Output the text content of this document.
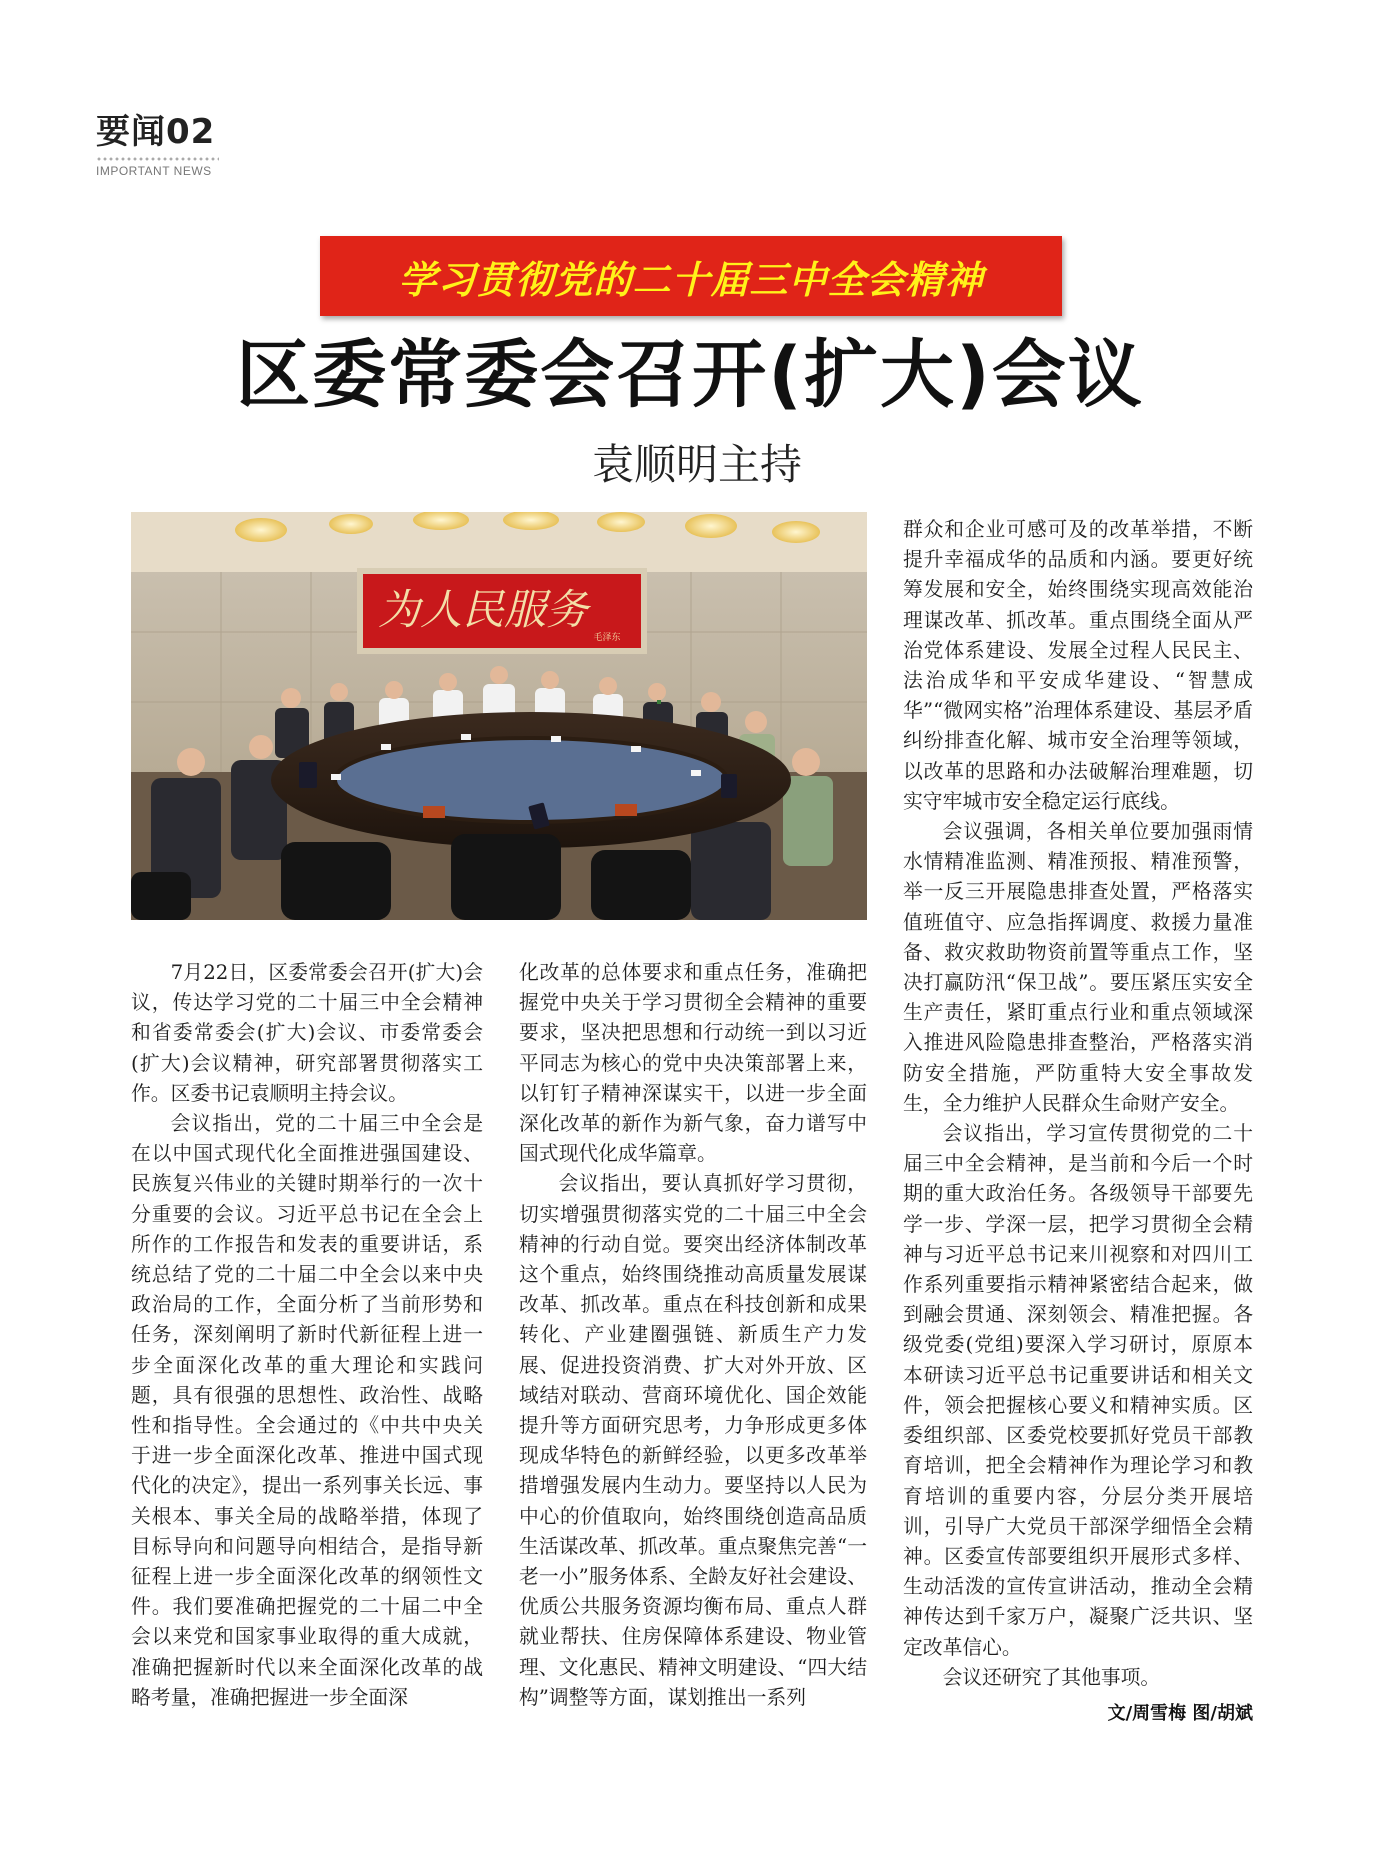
要闻02
IMPORTANT NEWS
学习贯彻党的二十届三中全会精神
区委常委会召开(扩大)会议
袁顺明主持
为人民服务
毛泽东

7月22日，区委常委会召开(扩大)会议，传达学习党的二十届三中全会精神和省委常委会(扩大)会议、市委常委会(扩大)会议精神，研究部署贯彻落实工作。区委书记袁顺明主持会议。

会议指出，党的二十届三中全会是在以中国式现代化全面推进强国建设、民族复兴伟业的关键时期举行的一次十分重要的会议。习近平总书记在全会上所作的工作报告和发表的重要讲话，系统总结了党的二十届二中全会以来中央政治局的工作，全面分析了当前形势和任务，深刻阐明了新时代新征程上进一步全面深化改革的重大理论和实践问题，具有很强的思想性、政治性、战略性和指导性。全会通过的《中共中央关于进一步全面深化改革、推进中国式现代化的决定》，提出一系列事关长远、事关根本、事关全局的战略举措，体现了目标导向和问题导向相结合，是指导新征程上进一步全面深化改革的纲领性文件。我们要准确把握党的二十届二中全会以来党和国家事业取得的重大成就，准确把握新时代以来全面深化改革的战略考量，准确把握进一步全面深

化改革的总体要求和重点任务，准确把握党中央关于学习贯彻全会精神的重要要求，坚决把思想和行动统一到以习近平同志为核心的党中央决策部署上来，以钉钉子精神深谋实干，以进一步全面深化改革的新作为新气象，奋力谱写中国式现代化成华篇章。

会议指出，要认真抓好学习贯彻，切实增强贯彻落实党的二十届三中全会精神的行动自觉。要突出经济体制改革这个重点，始终围绕推动高质量发展谋改革、抓改革。重点在科技创新和成果转化、产业建圈强链、新质生产力发展、促进投资消费、扩大对外开放、区域结对联动、营商环境优化、国企效能提升等方面研究思考，力争形成更多体现成华特色的新鲜经验，以更多改革举措增强发展内生动力。要坚持以人民为中心的价值取向，始终围绕创造高品质生活谋改革、抓改革。重点聚焦完善“一老一小”服务体系、全龄友好社会建设、优质公共服务资源均衡布局、重点人群就业帮扶、住房保障体系建设、物业管理、文化惠民、精神文明建设、“四大结构”调整等方面，谋划推出一系列

群众和企业可感可及的改革举措，不断提升幸福成华的品质和内涵。要更好统筹发展和安全，始终围绕实现高效能治理谋改革、抓改革。重点围绕全面从严治党体系建设、发展全过程人民民主、法治成华和平安成华建设、“智慧成华”“微网实格”治理体系建设、基层矛盾纠纷排查化解、城市安全治理等领域，以改革的思路和办法破解治理难题，切实守牢城市安全稳定运行底线。

会议强调，各相关单位要加强雨情水情精准监测、精准预报、精准预警，举一反三开展隐患排查处置，严格落实值班值守、应急指挥调度、救援力量准备、救灾救助物资前置等重点工作，坚决打赢防汛“保卫战”。要压紧压实安全生产责任，紧盯重点行业和重点领域深入推进风险隐患排查整治，严格落实消防安全措施，严防重特大安全事故发生，全力维护人民群众生命财产安全。

会议指出，学习宣传贯彻党的二十届三中全会精神，是当前和今后一个时期的重大政治任务。各级领导干部要先学一步、学深一层，把学习贯彻全会精神与习近平总书记来川视察和对四川工作系列重要指示精神紧密结合起来，做到融会贯通、深刻领会、精准把握。各级党委(党组)要深入学习研讨，原原本本研读习近平总书记重要讲话和相关文件，领会把握核心要义和精神实质。区委组织部、区委党校要抓好党员干部教育培训，把全会精神作为理论学习和教育培训的重要内容，分层分类开展培训，引导广大党员干部深学细悟全会精神。区委宣传部要组织开展形式多样、生动活泼的宣传宣讲活动，推动全会精神传达到千家万户，凝聚广泛共识、坚定改革信心。

会议还研究了其他事项。

文/周雪梅 图/胡斌
